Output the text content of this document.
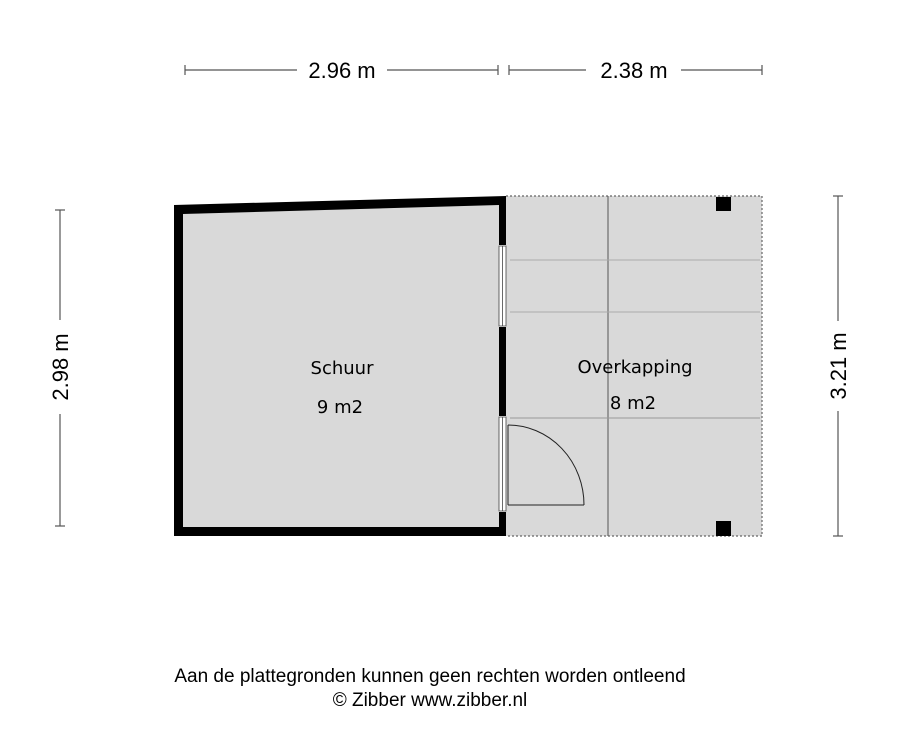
2.96 m	2.38 m
2.98 m	3.21 m
Schuur
9 m2
Overkapping
8 m2
Aan de plattegronden kunnen geen rechten worden ontleend
© Zibber www.zibber.nl
